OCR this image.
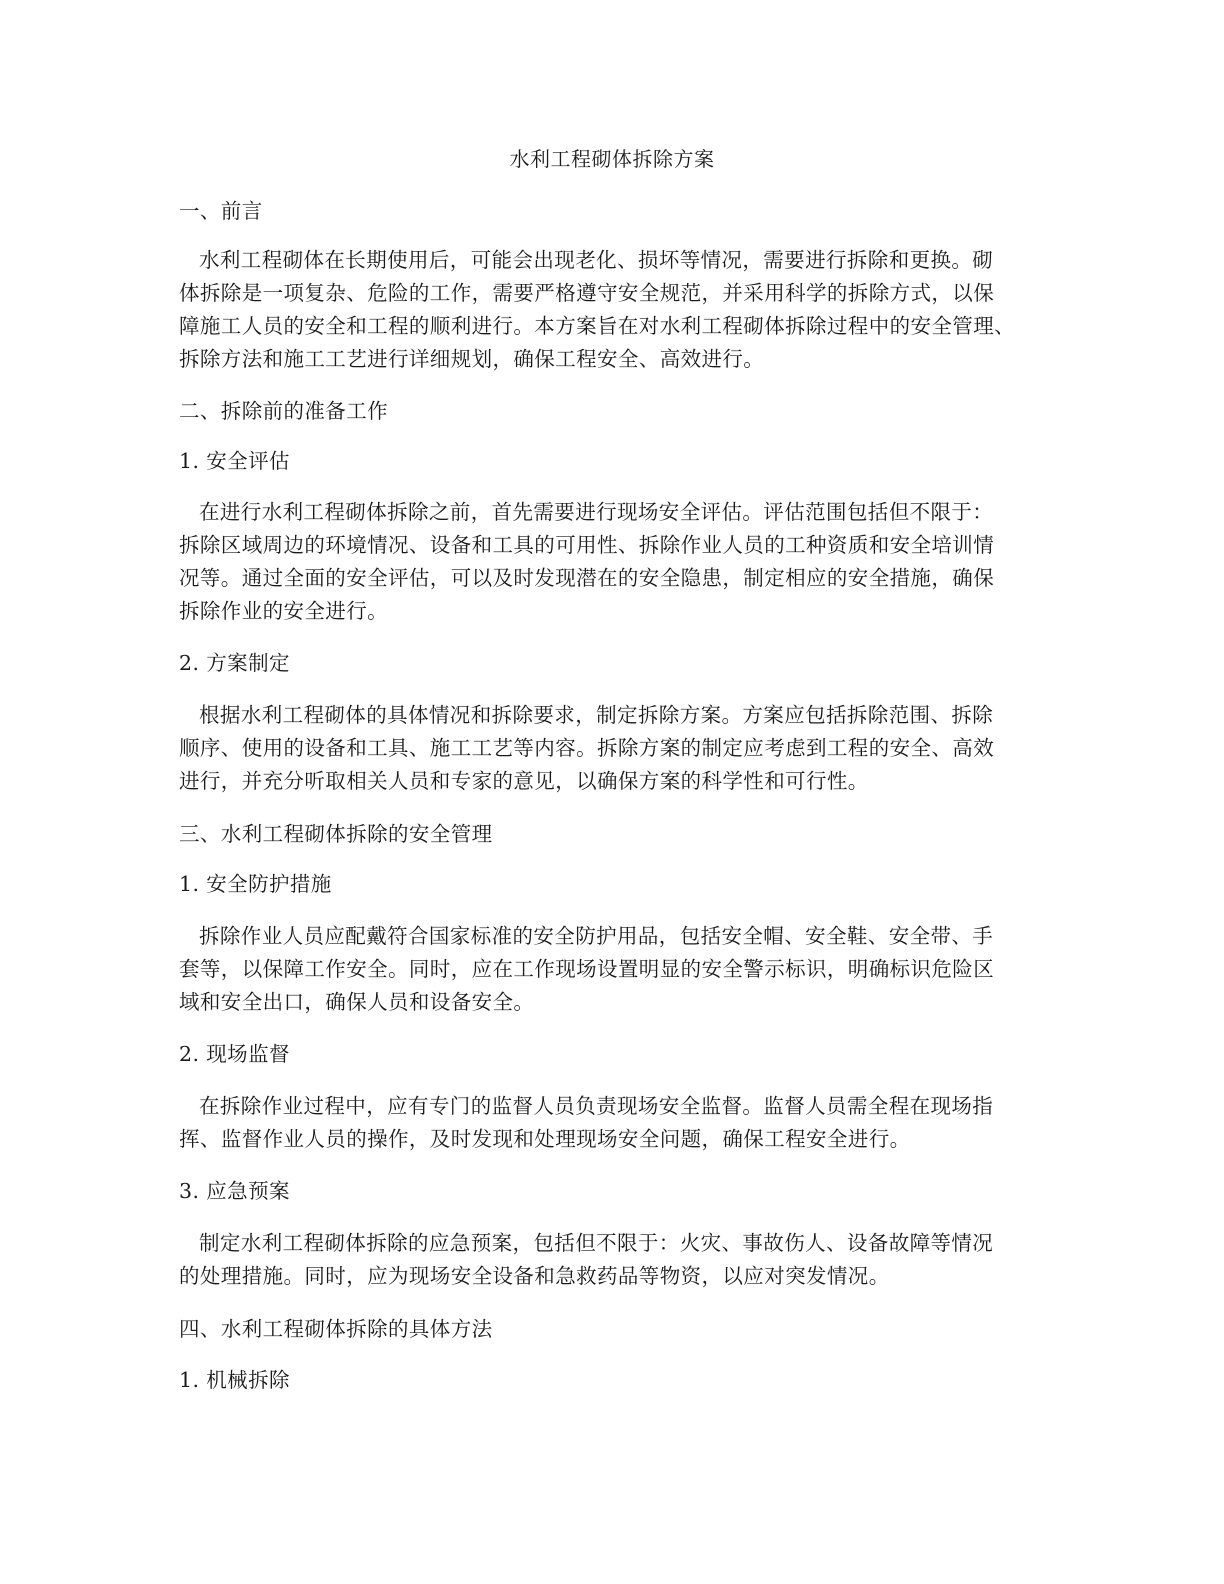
水利工程砌体拆除方案
一、前言
水利工程砌体在长期使用后，可能会出现老化、损坏等情况，需要进行拆除和更换。砌
体拆除是一项复杂、危险的工作，需要严格遵守安全规范，并采用科学的拆除方式，以保
障施工人员的安全和工程的顺利进行。本方案旨在对水利工程砌体拆除过程中的安全管理、
拆除方法和施工工艺进行详细规划，确保工程安全、高效进行。
二、拆除前的准备工作
1. 安全评估
在进行水利工程砌体拆除之前，首先需要进行现场安全评估。评估范围包括但不限于：
拆除区域周边的环境情况、设备和工具的可用性、拆除作业人员的工种资质和安全培训情
况等。通过全面的安全评估，可以及时发现潜在的安全隐患，制定相应的安全措施，确保
拆除作业的安全进行。
2. 方案制定
根据水利工程砌体的具体情况和拆除要求，制定拆除方案。方案应包括拆除范围、拆除
顺序、使用的设备和工具、施工工艺等内容。拆除方案的制定应考虑到工程的安全、高效
进行，并充分听取相关人员和专家的意见，以确保方案的科学性和可行性。
三、水利工程砌体拆除的安全管理
1. 安全防护措施
拆除作业人员应配戴符合国家标准的安全防护用品，包括安全帽、安全鞋、安全带、手
套等，以保障工作安全。同时，应在工作现场设置明显的安全警示标识，明确标识危险区
域和安全出口，确保人员和设备安全。
2. 现场监督
在拆除作业过程中，应有专门的监督人员负责现场安全监督。监督人员需全程在现场指
挥、监督作业人员的操作，及时发现和处理现场安全问题，确保工程安全进行。
3. 应急预案
制定水利工程砌体拆除的应急预案，包括但不限于：火灾、事故伤人、设备故障等情况
的处理措施。同时，应为现场安全设备和急救药品等物资，以应对突发情况。
四、水利工程砌体拆除的具体方法
1. 机械拆除
